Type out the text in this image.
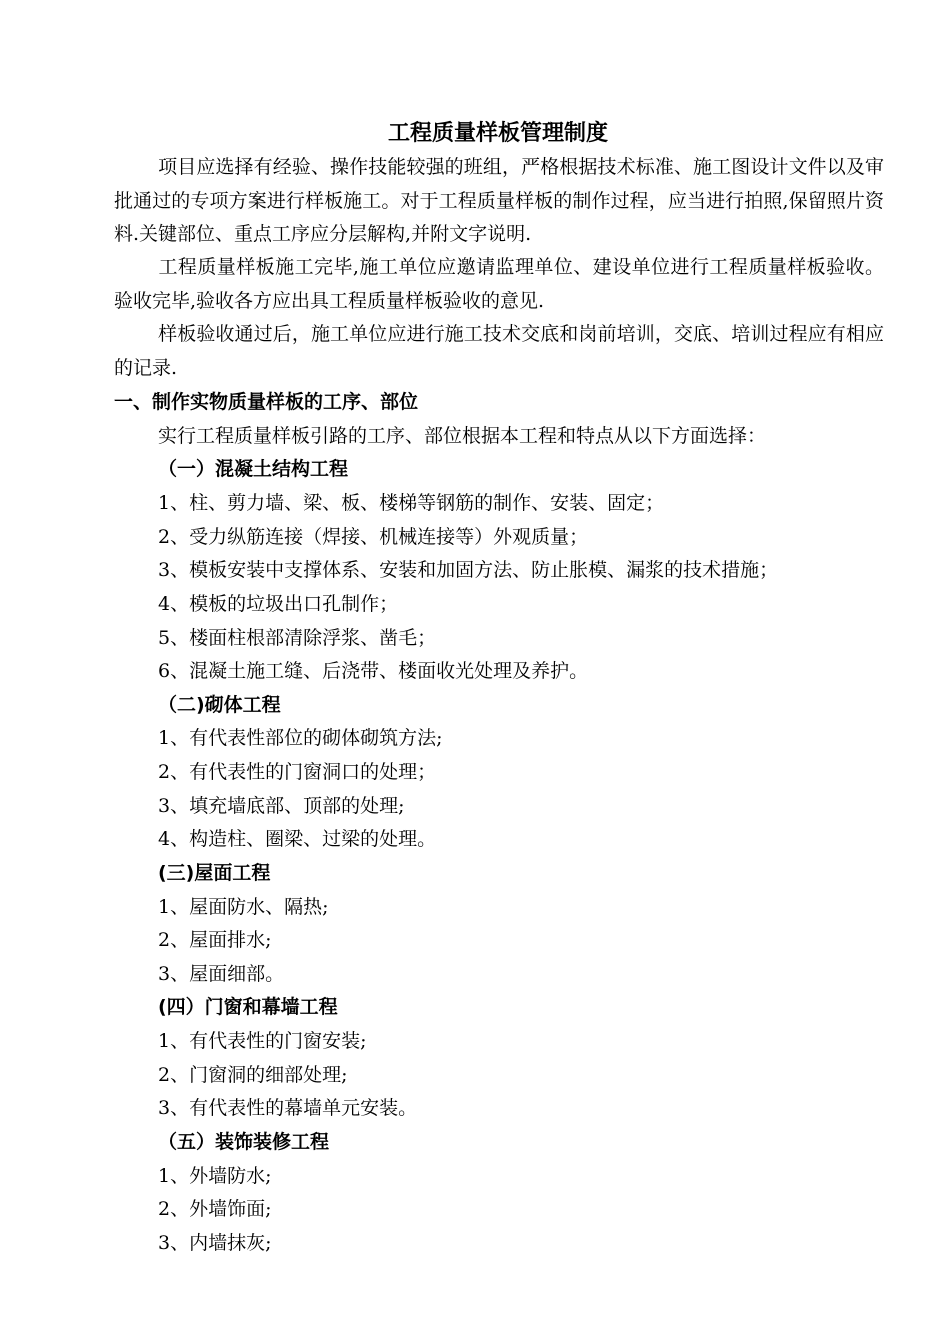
工程质量样板管理制度
项目应选择有经验、操作技能较强的班组，严格根据技术标准、施工图设计文件以及审批通过的专项方案进行样板施工。对于工程质量样板的制作过程，应当进行拍照,保留照片资料.关键部位、重点工序应分层解构,并附文字说明.
工程质量样板施工完毕,施工单位应邀请监理单位、建设单位进行工程质量样板验收。验收完毕,验收各方应出具工程质量样板验收的意见.
样板验收通过后，施工单位应进行施工技术交底和岗前培训，交底、培训过程应有相应的记录.
一、制作实物质量样板的工序、部位
实行工程质量样板引路的工序、部位根据本工程和特点从以下方面选择：
（一）混凝土结构工程
1、柱、剪力墙、梁、板、楼梯等钢筋的制作、安装、固定；
2、受力纵筋连接（焊接、机械连接等）外观质量；
3、模板安装中支撑体系、安装和加固方法、防止胀模、漏浆的技术措施；
4、模板的垃圾出口孔制作；
5、楼面柱根部清除浮浆、凿毛；
6、混凝土施工缝、后浇带、楼面收光处理及养护。
（二)砌体工程
1、有代表性部位的砌体砌筑方法;
2、有代表性的门窗洞口的处理；
3、填充墙底部、顶部的处理;
4、构造柱、圈梁、过梁的处理。
(三)屋面工程
1、屋面防水、隔热;
2、屋面排水;
3、屋面细部。
(四）门窗和幕墙工程
1、有代表性的门窗安装;
2、门窗洞的细部处理;
3、有代表性的幕墙单元安装。
（五）装饰装修工程
1、外墙防水;
2、外墙饰面;
3、内墙抹灰;
